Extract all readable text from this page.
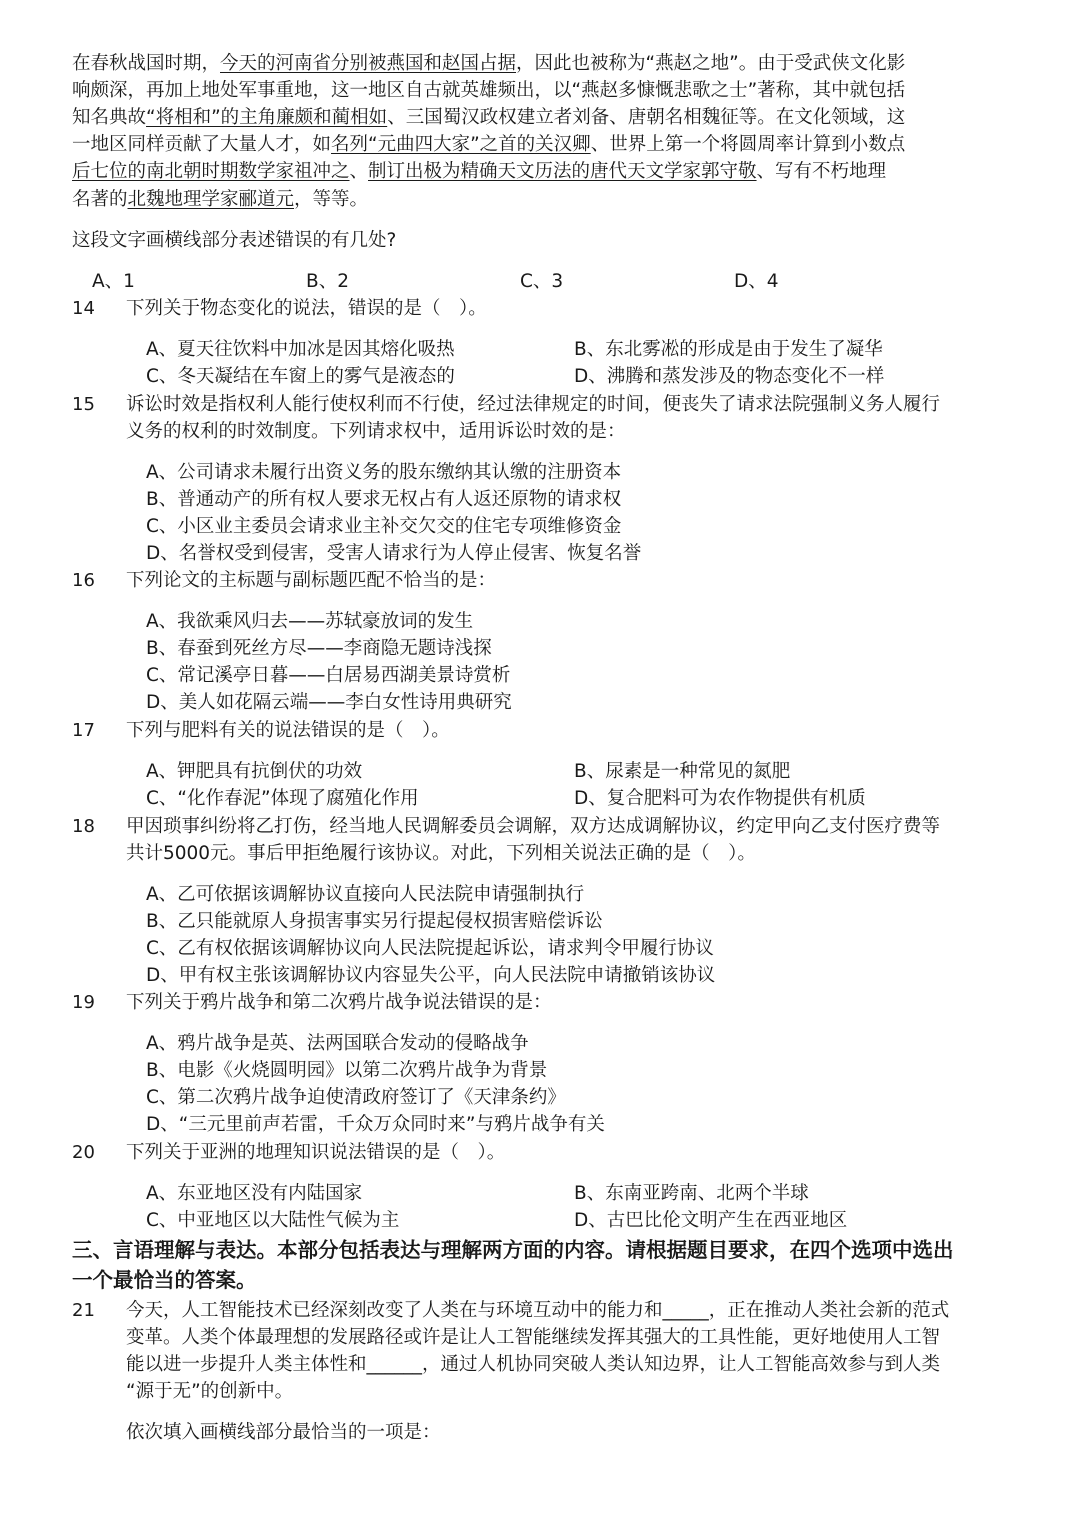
在春秋战国时期，今天的河南省分别被燕国和赵国占据，因此也被称为“燕赵之地”。由于受武侠文化影
响颇深，再加上地处军事重地，这一地区自古就英雄频出，以“燕赵多慷慨悲歌之士”著称，其中就包括
知名典故“将相和”的主角廉颇和蔺相如、三国蜀汉政权建立者刘备、唐朝名相魏征等。在文化领域，这
一地区同样贡献了大量人才，如名列“元曲四大家”之首的关汉卿、世界上第一个将圆周率计算到小数点
后七位的南北朝时期数学家祖冲之、制订出极为精确天文历法的唐代天文学家郭守敬、写有不朽地理
名著的北魏地理学家郦道元，等等。
这段文字画横线部分表述错误的有几处?
A、1	B、2	C、3	D、4
14 下列关于物态变化的说法，错误的是（　）。
A、夏天往饮料中加冰是因其熔化吸热	B、东北雾凇的形成是由于发生了凝华
C、冬天凝结在车窗上的雾气是液态的	D、沸腾和蒸发涉及的物态变化不一样
15 诉讼时效是指权利人能行使权利而不行使，经过法律规定的时间，便丧失了请求法院强制义务人履行
义务的权利的时效制度。下列请求权中，适用诉讼时效的是：
A、公司请求未履行出资义务的股东缴纳其认缴的注册资本
B、普通动产的所有权人要求无权占有人返还原物的请求权
C、小区业主委员会请求业主补交欠交的住宅专项维修资金
D、名誉权受到侵害，受害人请求行为人停止侵害、恢复名誉
16 下列论文的主标题与副标题匹配不恰当的是：
A、我欲乘风归去——苏轼豪放词的发生
B、春蚕到死丝方尽——李商隐无题诗浅探
C、常记溪亭日暮——白居易西湖美景诗赏析
D、美人如花隔云端——李白女性诗用典研究
17 下列与肥料有关的说法错误的是（　）。
A、钾肥具有抗倒伏的功效	B、尿素是一种常见的氮肥
C、“化作春泥”体现了腐殖化作用	D、复合肥料可为农作物提供有机质
18 甲因琐事纠纷将乙打伤，经当地人民调解委员会调解，双方达成调解协议，约定甲向乙支付医疗费等
共计5000元。事后甲拒绝履行该协议。对此，下列相关说法正确的是（　）。
A、乙可依据该调解协议直接向人民法院申请强制执行
B、乙只能就原人身损害事实另行提起侵权损害赔偿诉讼
C、乙有权依据该调解协议向人民法院提起诉讼，请求判令甲履行协议
D、甲有权主张该调解协议内容显失公平，向人民法院申请撤销该协议
19 下列关于鸦片战争和第二次鸦片战争说法错误的是：
A、鸦片战争是英、法两国联合发动的侵略战争
B、电影《火烧圆明园》以第二次鸦片战争为背景
C、第二次鸦片战争迫使清政府签订了《天津条约》
D、“三元里前声若雷，千众万众同时来”与鸦片战争有关
20 下列关于亚洲的地理知识说法错误的是（　）。
A、东亚地区没有内陆国家	B、东南亚跨南、北两个半球
C、中亚地区以大陆性气候为主	D、古巴比伦文明产生在西亚地区
三、言语理解与表达。本部分包括表达与理解两方面的内容。请根据题目要求，在四个选项中选出
一个最恰当的答案。
21 今天，人工智能技术已经深刻改变了人类在与环境互动中的能力和_____，正在推动人类社会新的范式
变革。人类个体最理想的发展路径或许是让人工智能继续发挥其强大的工具性能，更好地使用人工智
能以进一步提升人类主体性和______，通过人机协同突破人类认知边界，让人工智能高效参与到人类
“源于无”的创新中。
依次填入画横线部分最恰当的一项是：
